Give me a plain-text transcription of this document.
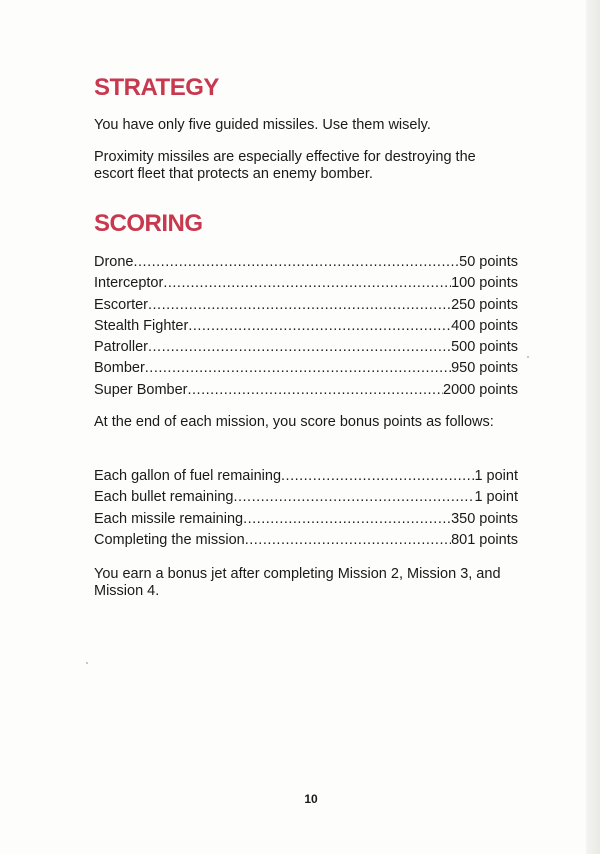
STRATEGY

You have only five guided missiles. Use them wisely.

Proximity missiles are especially effective for destroying the escort fleet that protects an enemy bomber.

SCORING
Drone .....	50 points
Interceptor .....	100 points
Escorter .....	250 points
Stealth Fighter .....	400 points
Patroller .....	500 points
Bomber .....	950 points
Super Bomber .....	2000 points

At the end of each mission, you score bonus points as follows:

Each gallon of fuel remaining .....	1 point
Each bullet remaining .....	1 point
Each missile remaining .....	350 points
Completing the mission .....	801 points

You earn a bonus jet after completing Mission 2, Mission 3, and Mission 4.

10
